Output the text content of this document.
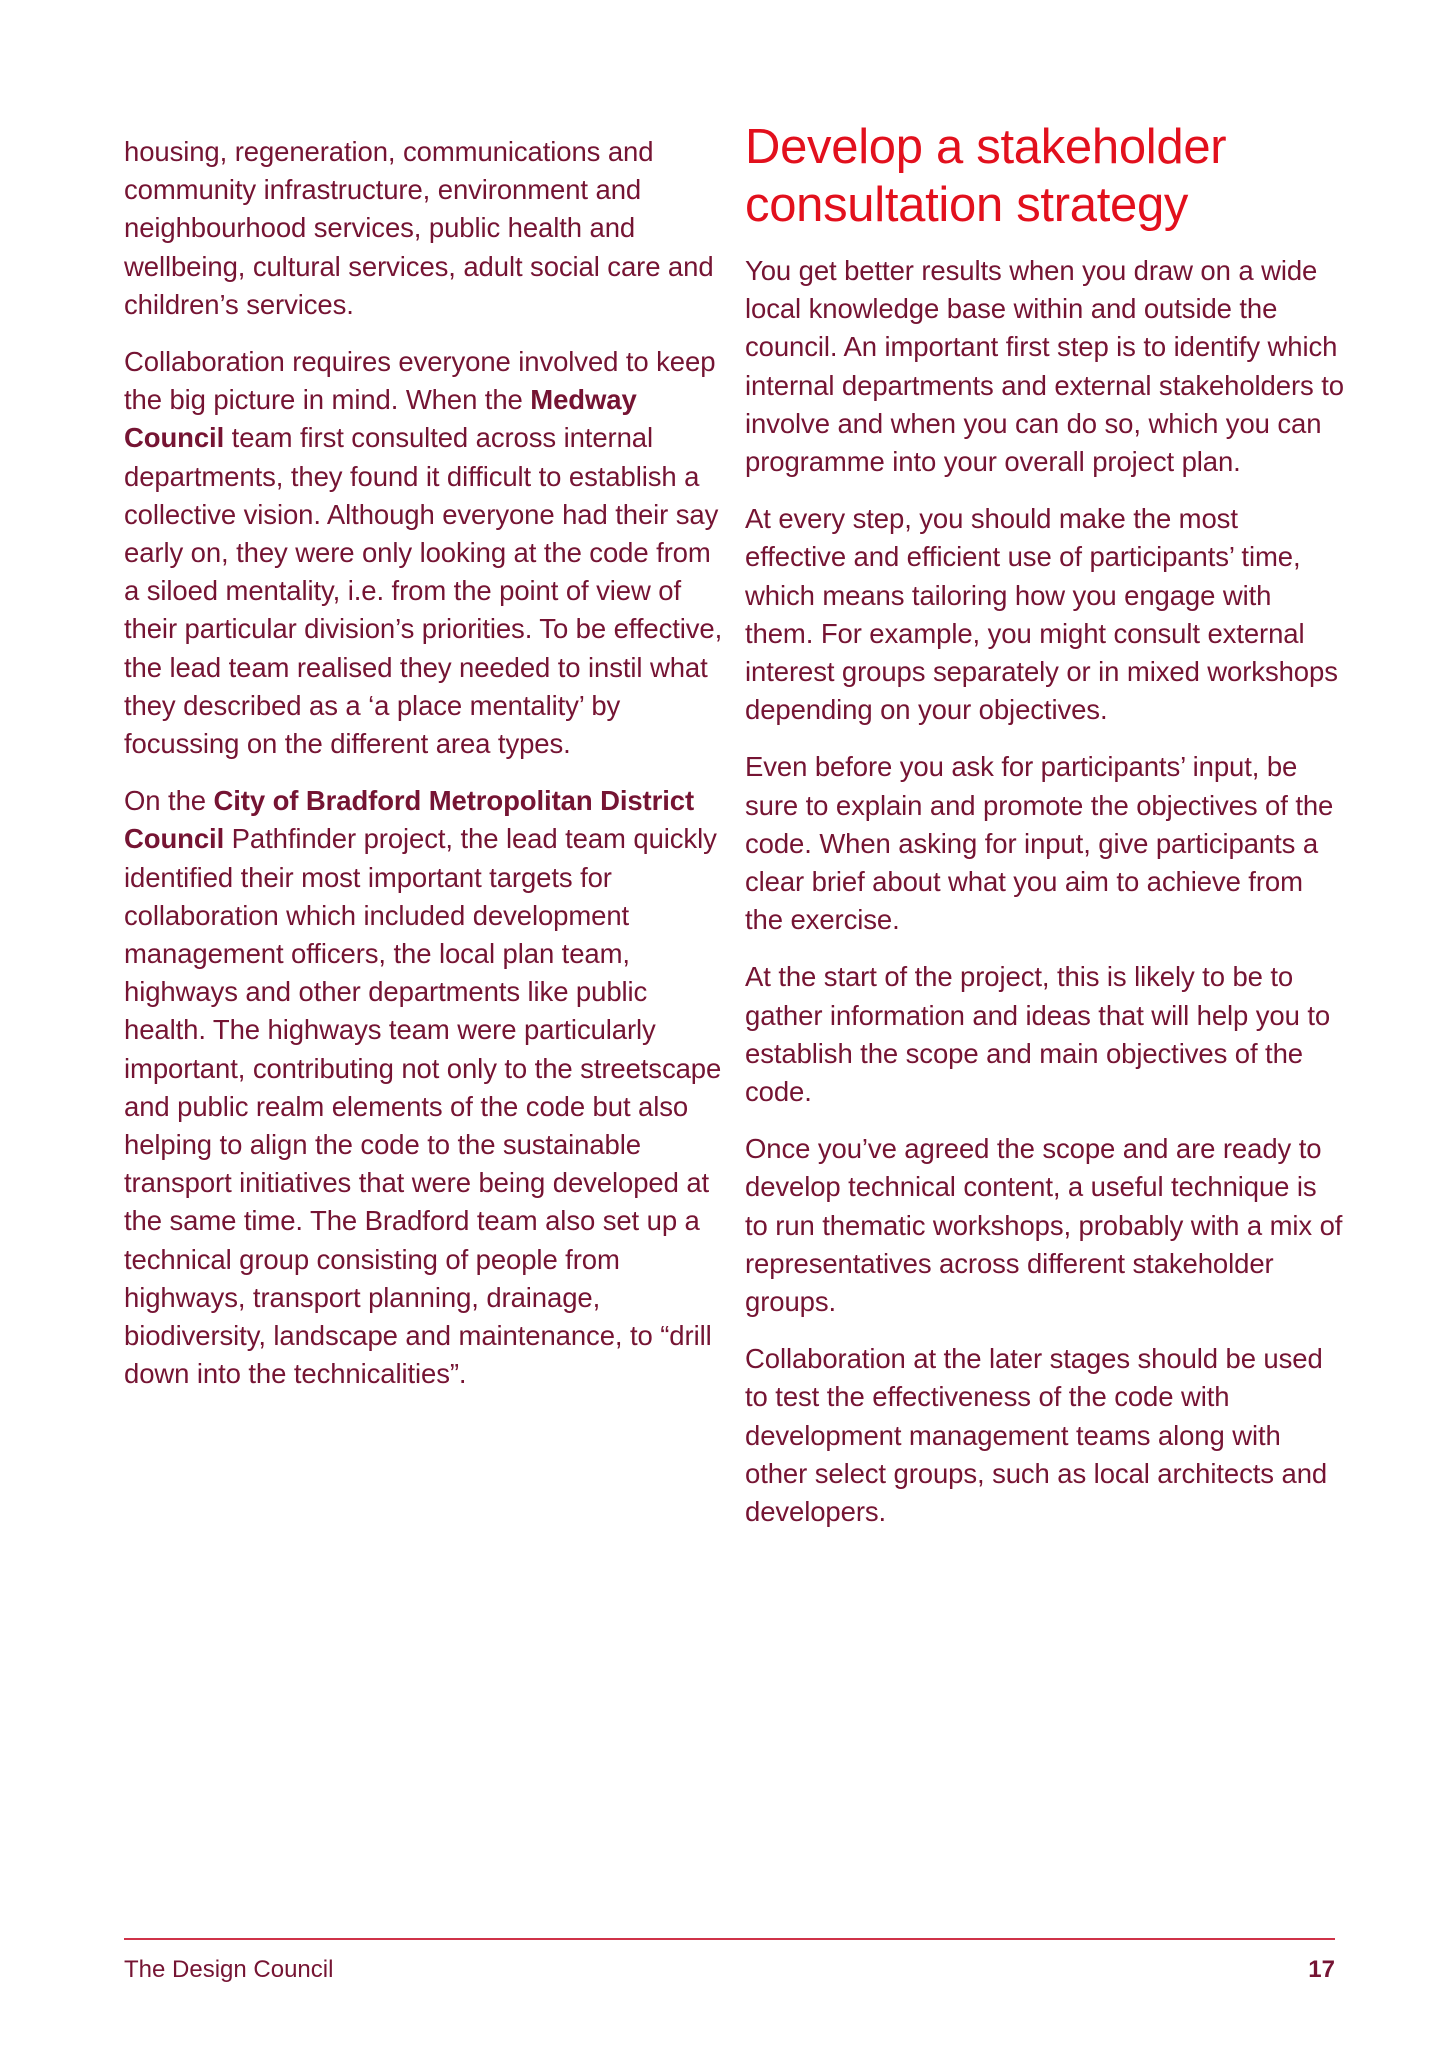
housing, regeneration, communications and community infrastructure, environment and neighbourhood services, public health and wellbeing, cultural services, adult social care and children’s services.

Collaboration requires everyone involved to keep the big picture in mind. When the Medway Council team first consulted across internal departments, they found it difficult to establish a collective vision. Although everyone had their say early on, they were only looking at the code from a siloed mentality, i.e. from the point of view of their particular division’s priorities. To be effective, the lead team realised they needed to instil what they described as a ‘a place mentality’ by focussing on the different area types.

On the City of Bradford Metropolitan District Council Pathfinder project, the lead team quickly identified their most important targets for collaboration which included development management officers, the local plan team, highways and other departments like public health. The highways team were particularly important, contributing not only to the streetscape and public realm elements of the code but also helping to align the code to the sustainable transport initiatives that were being developed at the same time. The Bradford team also set up a technical group consisting of people from highways, transport planning, drainage, biodiversity, landscape and maintenance, to “drill down into the technicalities”.

Develop a stakeholder consultation strategy

You get better results when you draw on a wide local knowledge base within and outside the council. An important first step is to identify which internal departments and external stakeholders to involve and when you can do so, which you can programme into your overall project plan.

At every step, you should make the most effective and efficient use of participants’ time, which means tailoring how you engage with them. For example, you might consult external interest groups separately or in mixed workshops depending on your objectives.

Even before you ask for participants’ input, be sure to explain and promote the objectives of the code. When asking for input, give participants a clear brief about what you aim to achieve from the exercise.

At the start of the project, this is likely to be to gather information and ideas that will help you to establish the scope and main objectives of the code.

Once you’ve agreed the scope and are ready to develop technical content, a useful technique is to run thematic workshops, probably with a mix of representatives across different stakeholder groups.

Collaboration at the later stages should be used to test the effectiveness of the code with development management teams along with other select groups, such as local architects and developers.

The Design Council	17
